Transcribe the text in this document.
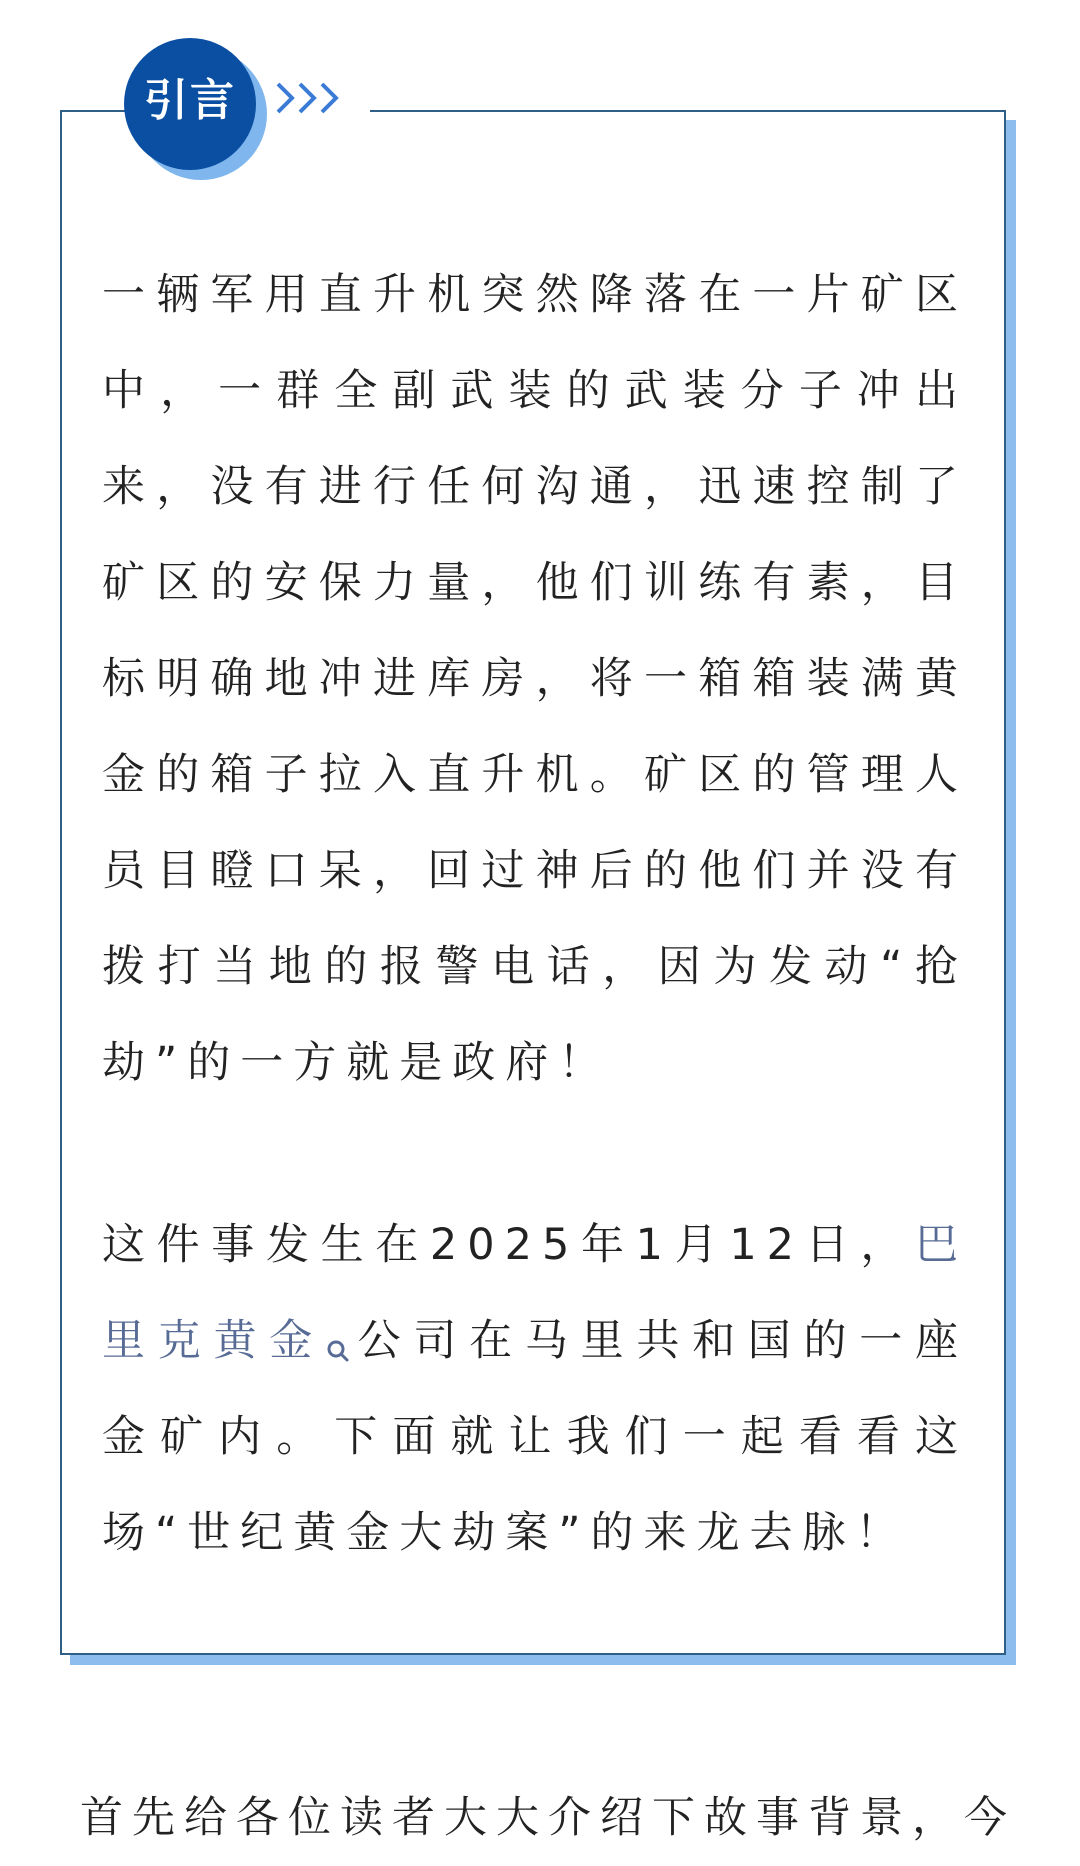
引言

一辆军用直升机突然降落在一片矿区中，一群全副武装的武装分子冲出来，没有进行任何沟通，迅速控制了矿区的安保力量，他们训练有素，目标明确地冲进库房，将一箱箱装满黄金的箱子拉入直升机。矿区的管理人员目瞪口呆，回过神后的他们并没有拨打当地的报警电话，因为发动“抢劫”的一方就是政府！

这件事发生在2025年1月12日，巴里克黄金 公司在马里共和国的一座金矿内。下面就让我们一起看看这场“世纪黄金大劫案”的来龙去脉！

首先给各位读者大大介绍下故事背景，今
